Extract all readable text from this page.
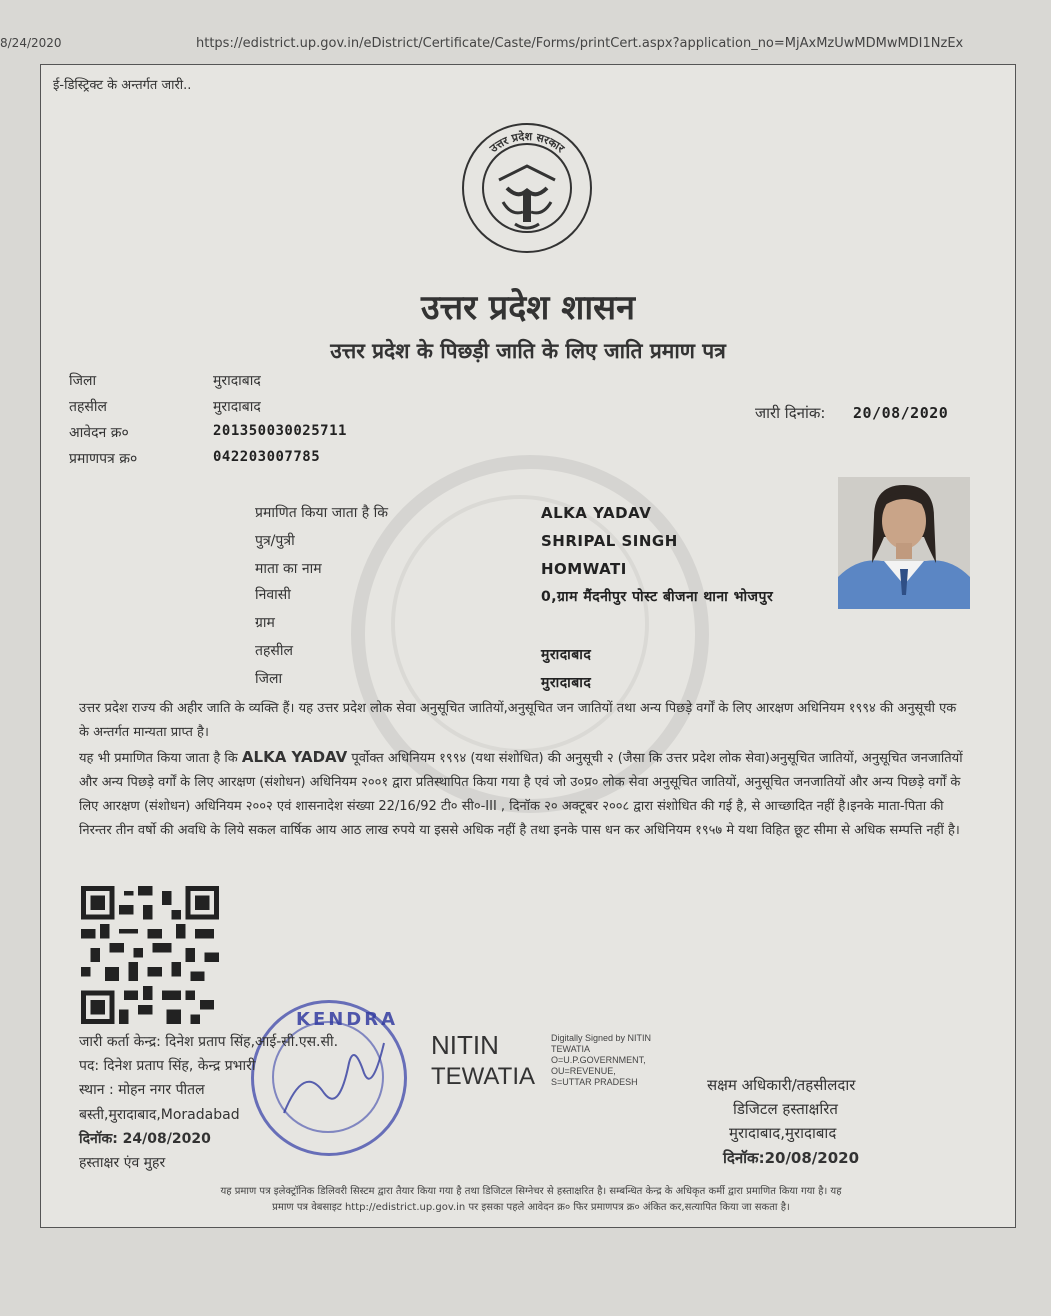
8/24/2020	https://edistrict.up.gov.in/eDistrict/Certificate/Caste/Forms/printCert.aspx?application_no=MjAxMzUwMDMwMDI1NzEx
ई-डिस्ट्रिक्ट के अन्तर्गत जारी..
उत्तर प्रदेश सरकार
उत्तर प्रदेश शासन
उत्तर प्रदेश के पिछड़ी जाति के लिए जाति प्रमाण पत्र
जिला	मुरादाबाद
तहसील	मुरादाबाद
आवेदन क्र०	201350030025711
प्रमाणपत्र क्र०	042203007785
जारी दिनांक: 20/08/2020
प्रमाणित किया जाता है कि	ALKA YADAV
पुत्र/पुत्री	SHRIPAL SINGH
माता का नाम	HOMWATI
निवासी	0,ग्राम मैंदनीपुर पोस्ट बीजना थाना भोजपुर
ग्राम
तहसील	मुरादाबाद
जिला	मुरादाबाद
उत्तर प्रदेश राज्य की अहीर जाति के व्यक्ति हैं। यह उत्तर प्रदेश लोक सेवा अनुसूचित जातियों,अनुसूचित जन जातियों तथा अन्य पिछड़े वर्गों के लिए आरक्षण अधिनियम १९९४ की अनुसूची एक के अन्तर्गत मान्यता प्राप्त है।
यह भी प्रमाणित किया जाता है कि ALKA YADAV पूर्वोक्त अधिनियम १९९४ (यथा संशोधित) की अनुसूची २ (जैसा कि उत्तर प्रदेश लोक सेवा)अनुसूचित जातियों, अनुसूचित जनजातियों और अन्य पिछड़े वर्गों के लिए आरक्षण (संशोधन) अधिनियम २००१ द्वारा प्रतिस्थापित किया गया है एवं जो उ०प्र० लोक सेवा अनुसूचित जातियों, अनुसूचित जनजातियों और अन्य पिछड़े वर्गों के लिए आरक्षण (संशोधन) अधिनियम २००२ एवं शासनादेश संख्या 22/16/92 टी० सी०-III , दिनॉक २० अक्टूबर २००८ द्वारा संशोधित की गई है, से आच्छादित नहीं है।इनके माता-पिता की निरन्तर तीन वर्षो की अवधि के लिये सकल वार्षिक आय आठ लाख रुपये या इससे अधिक नहीं है तथा इनके पास धन कर अधिनियम १९५७ मे यथा विहित छूट सीमा से अधिक सम्पत्ति नहीं है।
KENDRA
जारी कर्ता केन्द्र: दिनेश प्रताप सिंह,आई-सी.एस.सी.
पद: दिनेश प्रताप सिंह, केन्द्र प्रभारी
स्थान : मोहन नगर पीतल
बस्ती,मुरादाबाद,Moradabad
दिनॉक: 24/08/2020
हस्ताक्षर एंव मुहर
NITIN
TEWATIA
Digitally Signed by NITIN
TEWATIA
O=U.P.GOVERNMENT,
OU=REVENUE,
S=UTTAR PRADESH	सक्षम अधिकारी/तहसीलदार
डिजिटल हस्ताक्षरित
मुरादाबाद,मुरादाबाद
दिनॉक:20/08/2020
यह प्रमाण पत्र इलेक्ट्रॉनिक डिलिवरी सिस्टम द्वारा तैयार किया गया है तथा डिजिटल सिग्नेचर से हस्ताक्षरित है। सम्बन्धित केन्द्र के अधिकृत कर्मी द्वारा प्रमाणित किया गया है। यह
प्रमाण पत्र वेबसाइट http://edistrict.up.gov.in पर इसका पहले आवेदन क्र० फिर प्रमाणपत्र क्र० अंकित कर,सत्यापित किया जा सकता है।
